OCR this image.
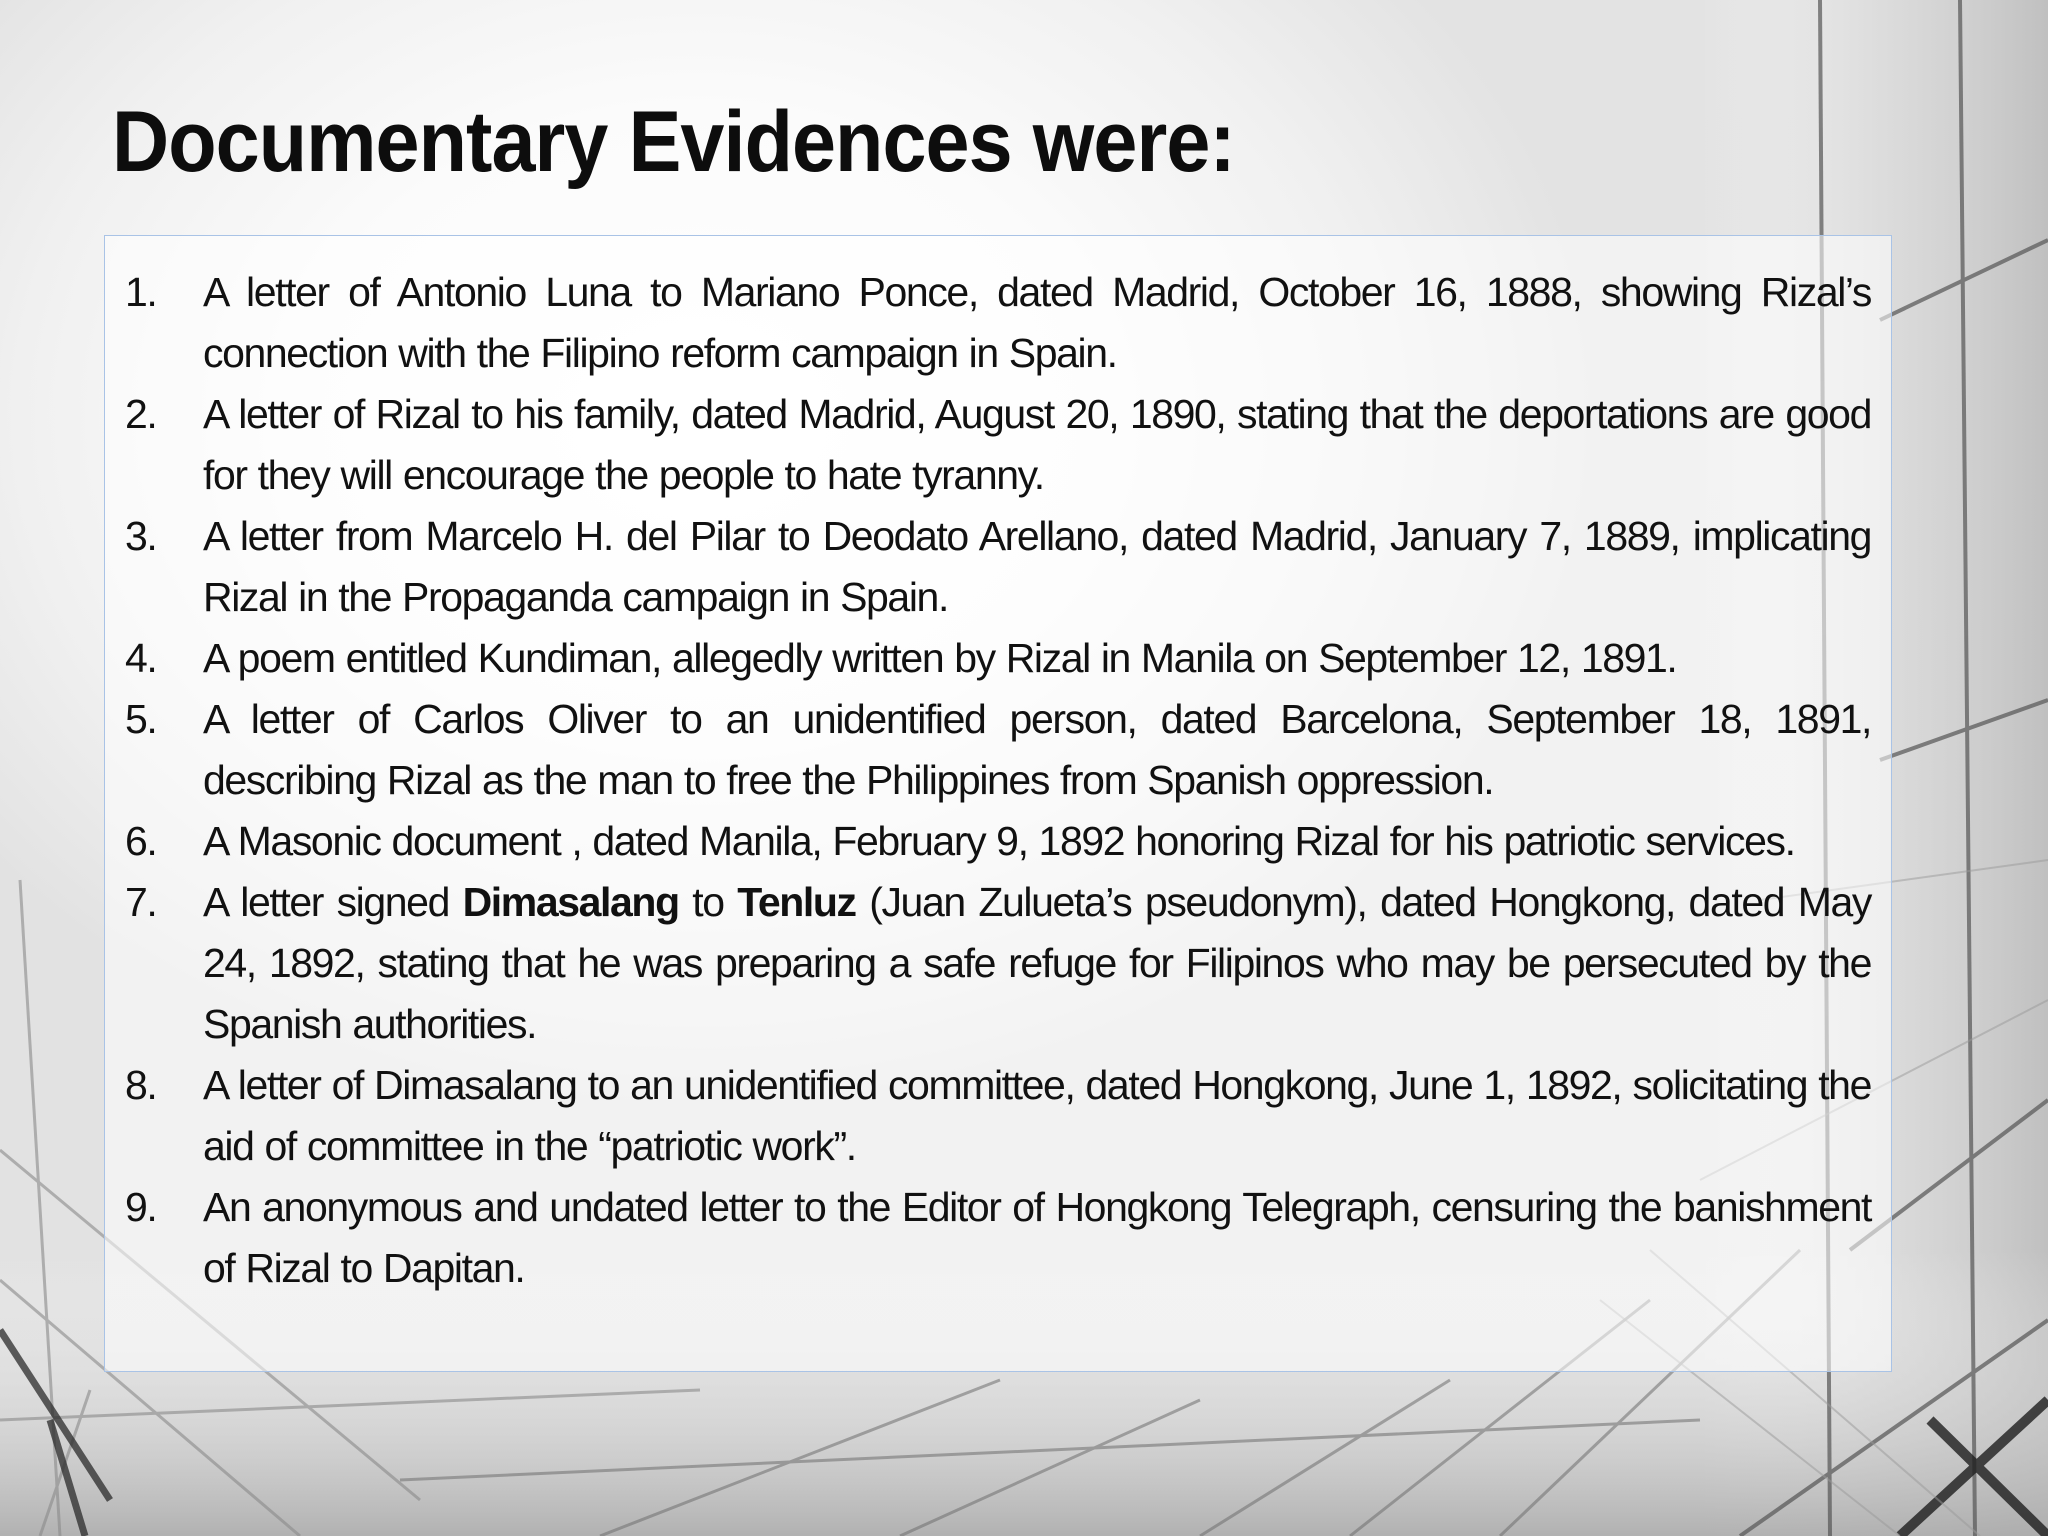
Documentary Evidences were:
1.	A letter of Antonio Luna to Mariano Ponce, dated Madrid, October 16, 1888, showing Rizal’s connection with the Filipino reform campaign in Spain.
2.	A letter of Rizal to his family, dated Madrid, August 20, 1890, stating that the deportations are good for they will encourage the people to hate tyranny.
3.	A letter from Marcelo H. del Pilar to Deodato Arellano, dated Madrid, January 7, 1889, implicating Rizal in the Propaganda campaign in Spain.
4.	A poem entitled Kundiman, allegedly written by Rizal in Manila on September 12, 1891.
5.	A letter of Carlos Oliver to an unidentified person, dated Barcelona, September 18, 1891, describing Rizal as the man to free the Philippines from Spanish oppression.
6.	A Masonic document , dated Manila, February 9, 1892 honoring Rizal for his patriotic services.
7.	A letter signed Dimasalang to Tenluz (Juan Zulueta’s pseudonym), dated Hongkong, dated May 24, 1892, stating that he was preparing a safe refuge for Filipinos who may be persecuted by the Spanish authorities.
8.	A letter of Dimasalang to an unidentified committee, dated Hongkong, June 1, 1892, solicitating the aid of committee in the “patriotic work”.
9.	An anonymous and undated letter to the Editor of Hongkong Telegraph, censuring the banishment of Rizal to Dapitan.
